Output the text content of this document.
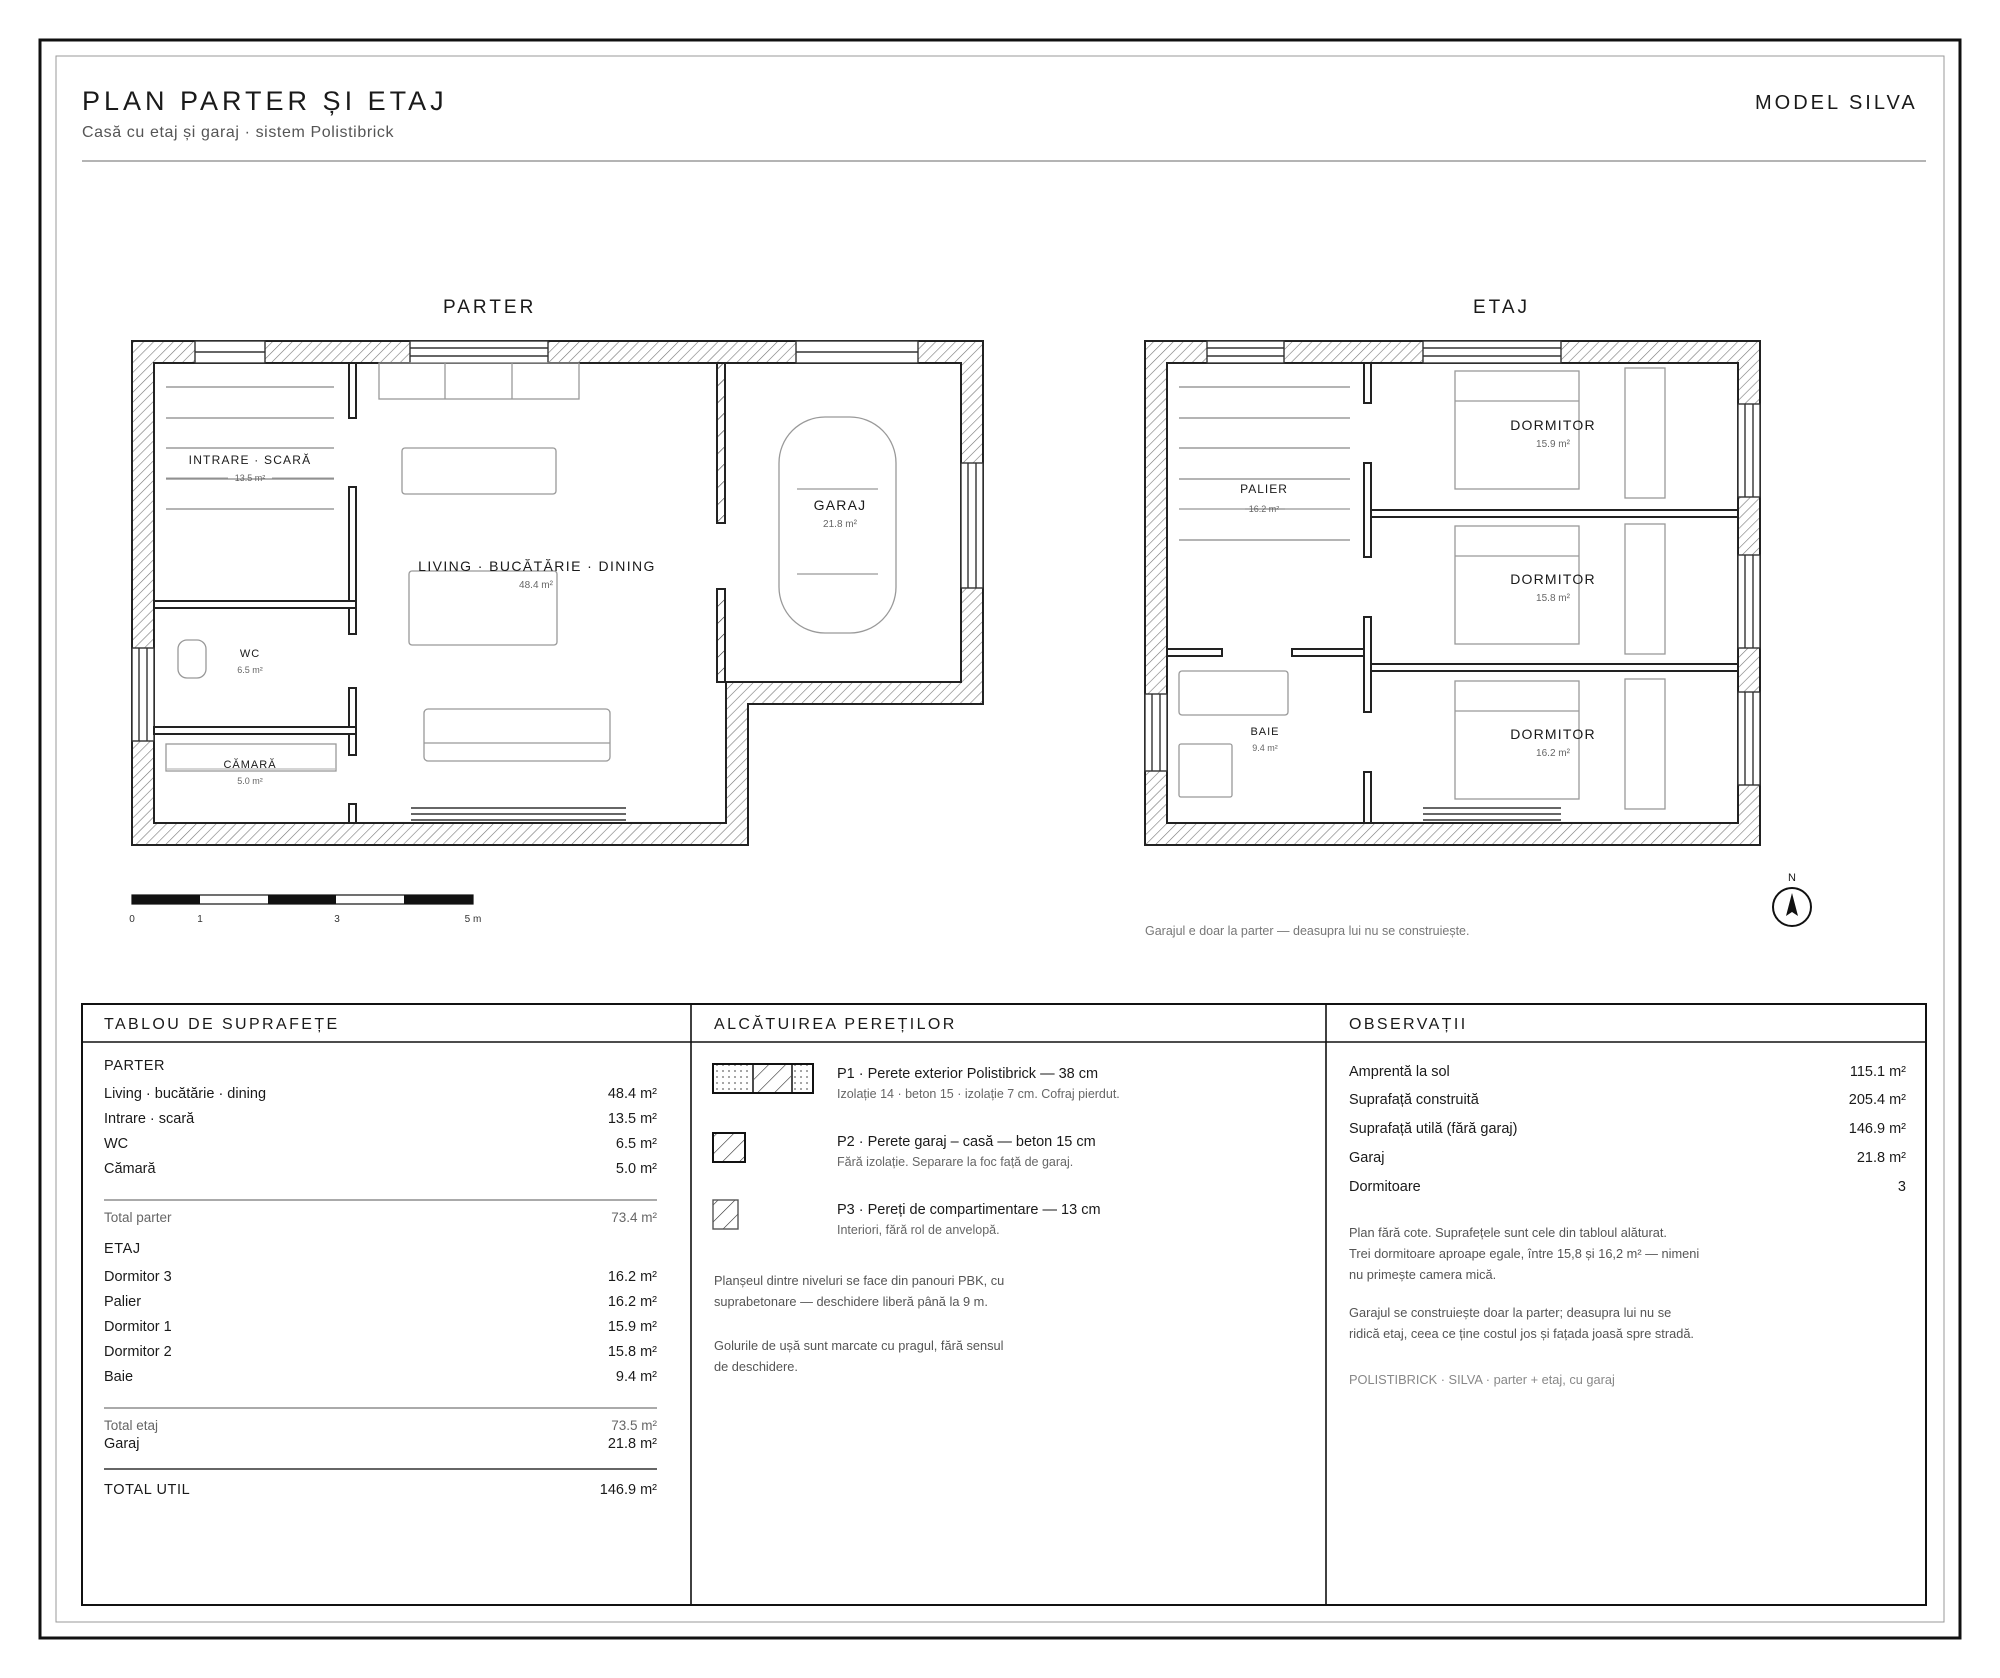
PLAN PARTER ȘI ETAJ
Casă cu etaj și garaj · sistem Polistibrick
MODEL SILVA
PARTER	ETAJ
INTRARE · SCARĂ
13.5 m²
LIVING · BUCĂTĂRIE · DINING
48.4 m²
GARAJ
21.8 m²
WC
6.5 m²
CĂMARĂ
5.0 m²
PALIER
16.2 m²
DORMITOR
15.9 m²
DORMITOR
15.8 m²
DORMITOR
16.2 m²
BAIE
9.4 m²
N
0	1	3	5 m
Garajul e doar la parter — deasupra lui nu se construiește.
TABLOU DE SUPRAFEȚE
PARTER
Living · bucătărie · dining	48.4 m²
Intrare · scară	13.5 m²
WC	6.5 m²
Cămară	5.0 m²
Total parter	73.4 m²
ETAJ
Dormitor 3	16.2 m²
Palier	16.2 m²
Dormitor 1	15.9 m²
Dormitor 2	15.8 m²
Baie	9.4 m²
Total etaj	73.5 m²
Garaj	21.8 m²
TOTAL UTIL	146.9 m²
ALCĂTUIREA PEREȚILOR
P1 · Perete exterior Polistibrick — 38 cm
Izolație 14 · beton 15 · izolație 7 cm. Cofraj pierdut.
P2 · Perete garaj – casă — beton 15 cm
Fără izolație. Separare la foc față de garaj.
P3 · Pereți de compartimentare — 13 cm
Interiori, fără rol de anvelopă.
Planșeul dintre niveluri se face din panouri PBK, cu
suprabetonare — deschidere liberă până la 9 m.
Golurile de ușă sunt marcate cu pragul, fără sensul
de deschidere.
OBSERVAȚII
Amprentă la sol	115.1 m²
Suprafață construită	205.4 m²
Suprafață utilă (fără garaj)	146.9 m²
Garaj	21.8 m²
Dormitoare	3
Plan fără cote. Suprafețele sunt cele din tabloul alăturat.
Trei dormitoare aproape egale, între 15,8 și 16,2 m² — nimeni
nu primește camera mică.
Garajul se construiește doar la parter; deasupra lui nu se
ridică etaj, ceea ce ține costul jos și fațada joasă spre stradă.
POLISTIBRICK · SILVA · parter + etaj, cu garaj
